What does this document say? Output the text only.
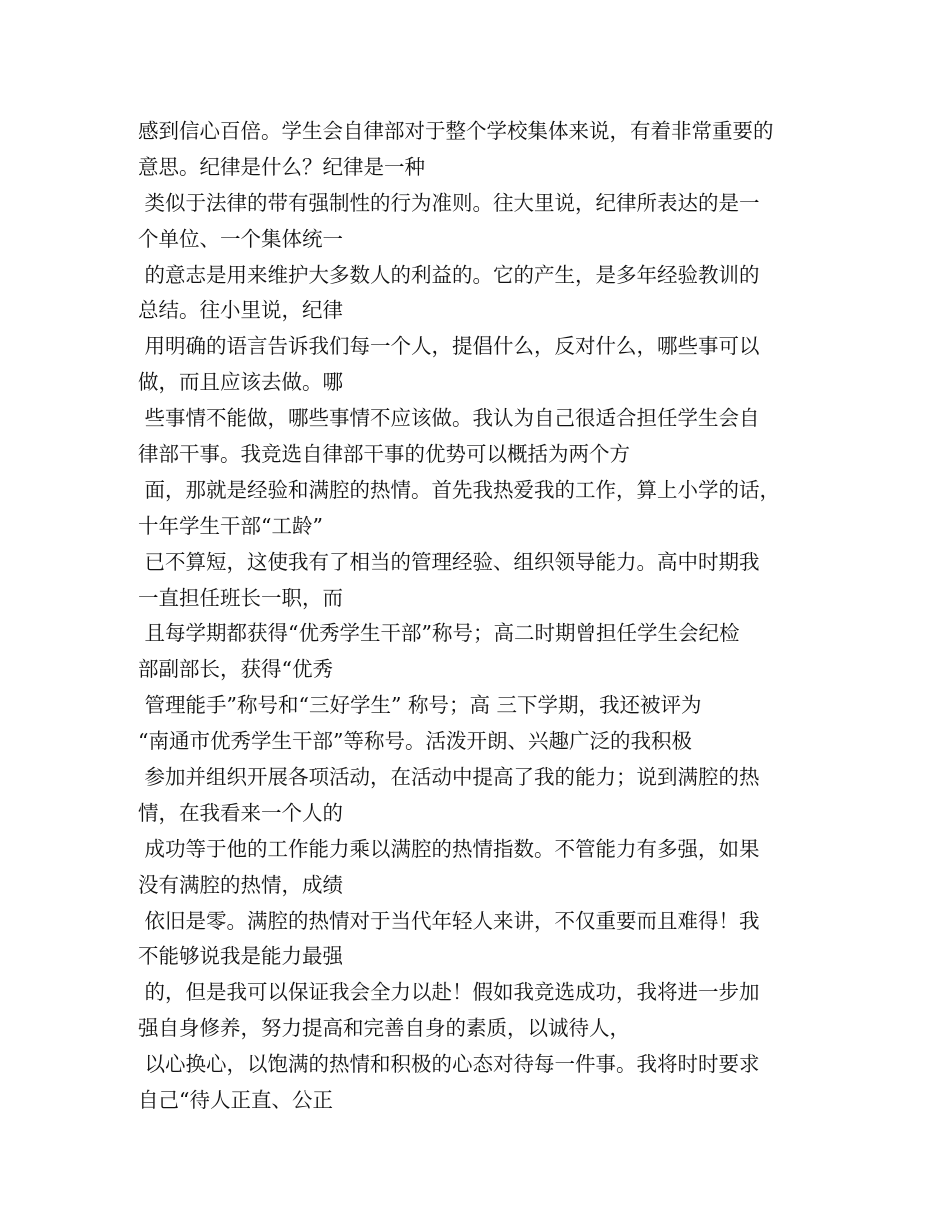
感到信心百倍。学生会自律部对于整个学校集体来说，有着非常重要的
意思。纪律是什么？纪律是一种
类似于法律的带有强制性的行为准则。往大里说，纪律所表达的是一
个单位、一个集体统一
的意志是用来维护大多数人的利益的。它的产生，是多年经验教训的
总结。往小里说，纪律
用明确的语言告诉我们每一个人，提倡什么，反对什么，哪些事可以
做，而且应该去做。哪
些事情不能做，哪些事情不应该做。我认为自己很适合担任学生会自
律部干事。我竞选自律部干事的优势可以概括为两个方
面，那就是经验和满腔的热情。首先我热爱我的工作，算上小学的话，
十年学生干部“工龄”
已不算短，这使我有了相当的管理经验、组织领导能力。高中时期我
一直担任班长一职，而
且每学期都获得“优秀学生干部”称号；高二时期曾担任学生会纪检
部副部长，获得“优秀
管理能手”称号和“三好学生” 称号；高 三下学期，我还被评为
“南通市优秀学生干部”等称号。活泼开朗、兴趣广泛的我积极
参加并组织开展各项活动，在活动中提高了我的能力；说到满腔的热
情，在我看来一个人的
成功等于他的工作能力乘以满腔的热情指数。不管能力有多强，如果
没有满腔的热情，成绩
依旧是零。满腔的热情对于当代年轻人来讲，不仅重要而且难得！我
不能够说我是能力最强
的，但是我可以保证我会全力以赴！假如我竞选成功，我将进一步加
强自身修养，努力提高和完善自身的素质，以诚待人，
以心换心，以饱满的热情和积极的心态对待每一件事。我将时时要求
自己“待人正直、公正
